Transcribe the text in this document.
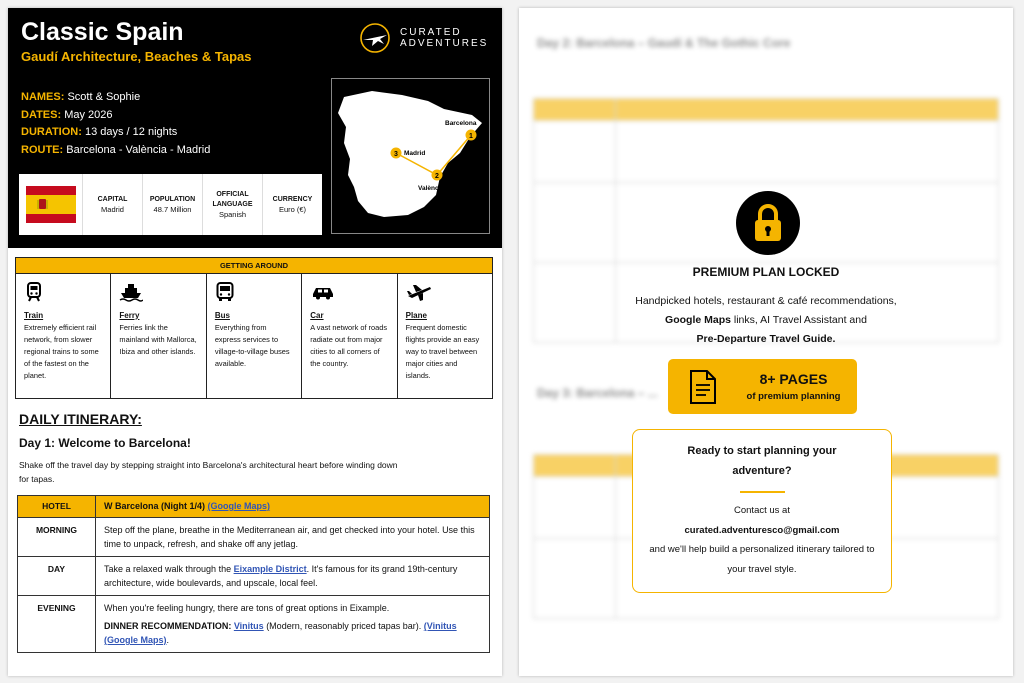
Classic Spain
Gaudí Architecture, Beaches & Tapas
CURATED
ADVENTURES
NAMES: Scott & Sophie
DATES: May 2026
DURATION: 13 days / 12 nights
ROUTE: Barcelona - València - Madrid
CAPITAL
Madrid
POPULATION
48.7 Million
OFFICIAL LANGUAGE
Spanish
CURRENCY
Euro (€)
1
2
3
Barcelona
València
Madrid
GETTING AROUND
Train
Extremely efficient rail network, from slower regional trains to some of the fastest on the planet.
Ferry
Ferries link the mainland with Mallorca, Ibiza and other islands.
Bus
Everything from express services to village-to-village buses available.
Car
A vast network of roads radiate out from major cities to all corners of the country.
Plane
Frequent domestic flights provide an easy way to travel between major cities and islands.
DAILY ITINERARY:
Day 1: Welcome to Barcelona!
Shake off the travel day by stepping straight into Barcelona's architectural heart before winding down for tapas.
HOTEL	W Barcelona (Night 1/4) (Google Maps)
MORNING	Step off the plane, breathe in the Mediterranean air, and get checked into your hotel. Use this time to unpack, refresh, and shake off any jetlag.
DAY	Take a relaxed walk through the Eixample District. It's famous for its grand 19th-century architecture, wide boulevards, and upscale, local feel.
EVENING	When you're feeling hungry, there are tons of great options in Eixample.
DINNER RECOMMENDATION: Vinitus (Modern, reasonably priced tapas bar). (Vinitus (Google Maps).
Day 2: Barcelona – Gaudí & The Gothic Core

Day 3: Barcelona – ...

PREMIUM PLAN LOCKED
Handpicked hotels, restaurant & café recommendations,
Google Maps links, AI Travel Assistant and
Pre-Departure Travel Guide.
8+ PAGES
of premium planning
Ready to start planning your adventure?
Contact us at
curated.adventuresco@gmail.com
and we'll help build a personalized itinerary tailored to your travel style.
